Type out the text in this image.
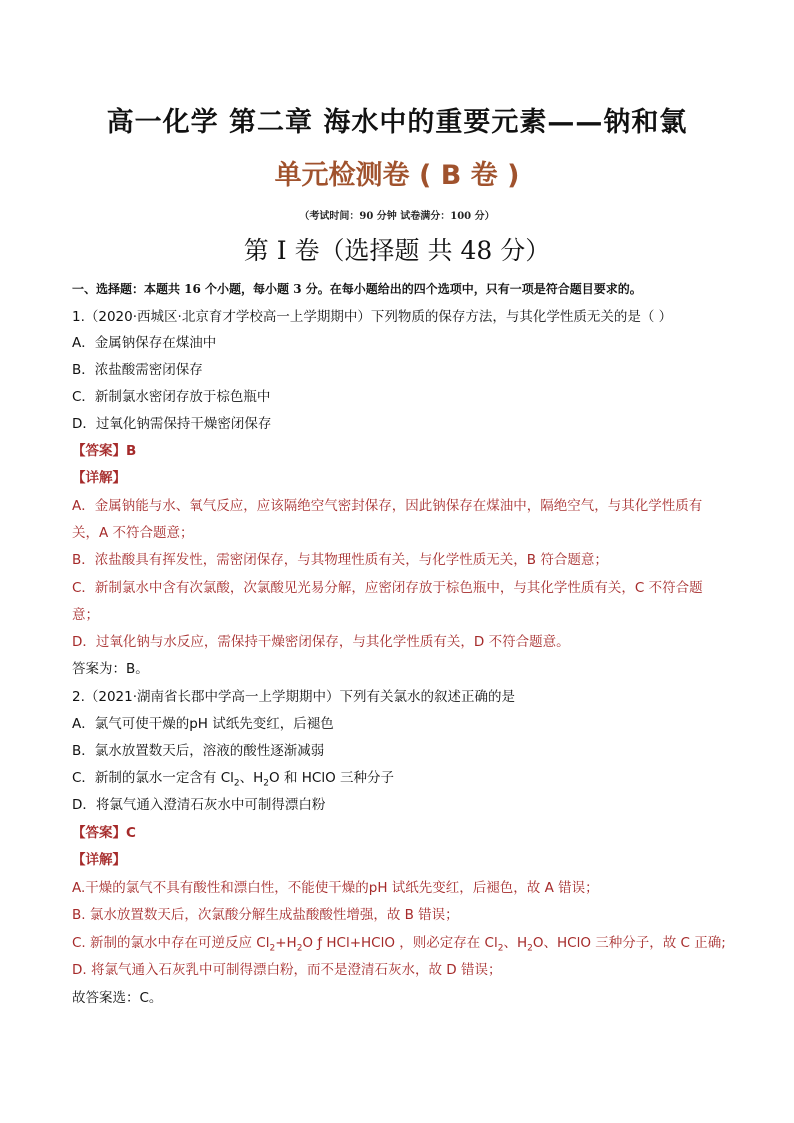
高一化学 第二章 海水中的重要元素——钠和氯
单元检测卷 ( B 卷 )
（考试时间：90 分钟 试卷满分：100 分）
第 I 卷（选择题 共 48 分）
一、选择题：本题共 16 个小题，每小题 3 分。在每小题给出的四个选项中，只有一项是符合题目要求的。
1.（2020·西城区·北京育才学校高一上学期期中）下列物质的保存方法，与其化学性质无关的是（ ）
A．金属钠保存在煤油中
B．浓盐酸需密闭保存
C．新制氯水密闭存放于棕色瓶中
D．过氧化钠需保持干燥密闭保存
【答案】B
【详解】
A．金属钠能与水、氧气反应，应该隔绝空气密封保存，因此钠保存在煤油中，隔绝空气，与其化学性质有
关，A 不符合题意；
B．浓盐酸具有挥发性，需密闭保存，与其物理性质有关，与化学性质无关，B 符合题意；
C．新制氯水中含有次氯酸，次氯酸见光易分解，应密闭存放于棕色瓶中，与其化学性质有关，C 不符合题
意；
D．过氧化钠与水反应，需保持干燥密闭保存，与其化学性质有关，D 不符合题意。
答案为：B。
2.（2021·湖南省长郡中学高一上学期期中）下列有关氯水的叙述正确的是
A．氯气可使干燥的pH 试纸先变红，后褪色
B．氯水放置数天后，溶液的酸性逐渐减弱
C．新制的氯水一定含有 $Cl_2$、$H_2O$ 和 HClO 三种分子
D．将氯气通入澄清石灰水中可制得漂白粉
【答案】C
【详解】
A.干燥的氯气不具有酸性和漂白性，不能使干燥的pH 试纸先变红，后褪色，故 A 错误；
B. 氯水放置数天后，次氯酸分解生成盐酸酸性增强，故 B 错误；
C. 新制的氯水中存在可逆反应 $Cl_2+H_2O$ ƒ HCl+HClO ，则必定存在 $Cl_2$、$H_2O$、HClO 三种分子，故 C 正确;
D. 将氯气通入石灰乳中可制得漂白粉，而不是澄清石灰水，故 D 错误；
故答案选：C。
